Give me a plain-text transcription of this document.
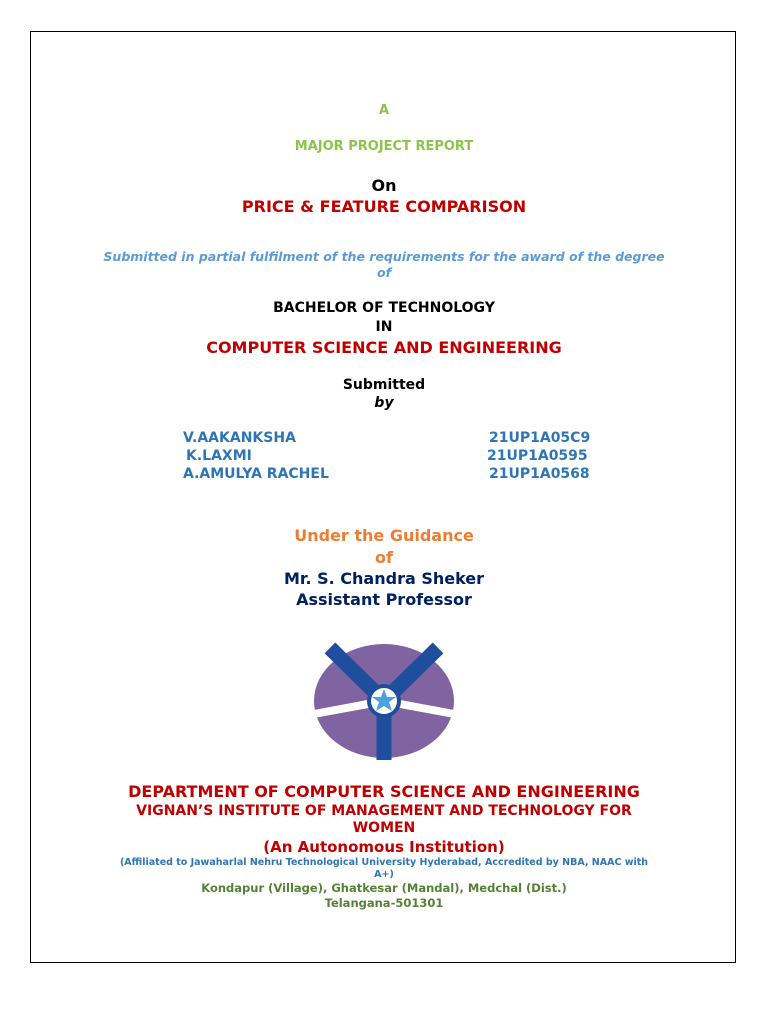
A
MAJOR PROJECT REPORT
On
PRICE & FEATURE COMPARISON
Submitted in partial fulfilment of the requirements for the award of the degree
of
BACHELOR OF TECHNOLOGY
IN
COMPUTER SCIENCE AND ENGINEERING
Submitted
by
V.AAKANKSHA	21UP1A05C9
K.LAXMI	21UP1A0595
A.AMULYA RACHEL	21UP1A0568
Under the Guidance
of
Mr. S. Chandra Sheker
Assistant Professor
DEPARTMENT OF COMPUTER SCIENCE AND ENGINEERING
VIGNAN’S INSTITUTE OF MANAGEMENT AND TECHNOLOGY FOR
WOMEN
(An Autonomous Institution)
(Affiliated to Jawaharlal Nehru Technological University Hyderabad, Accredited by NBA, NAAC with
A+)
Kondapur (Village), Ghatkesar (Mandal), Medchal (Dist.)
Telangana-501301
